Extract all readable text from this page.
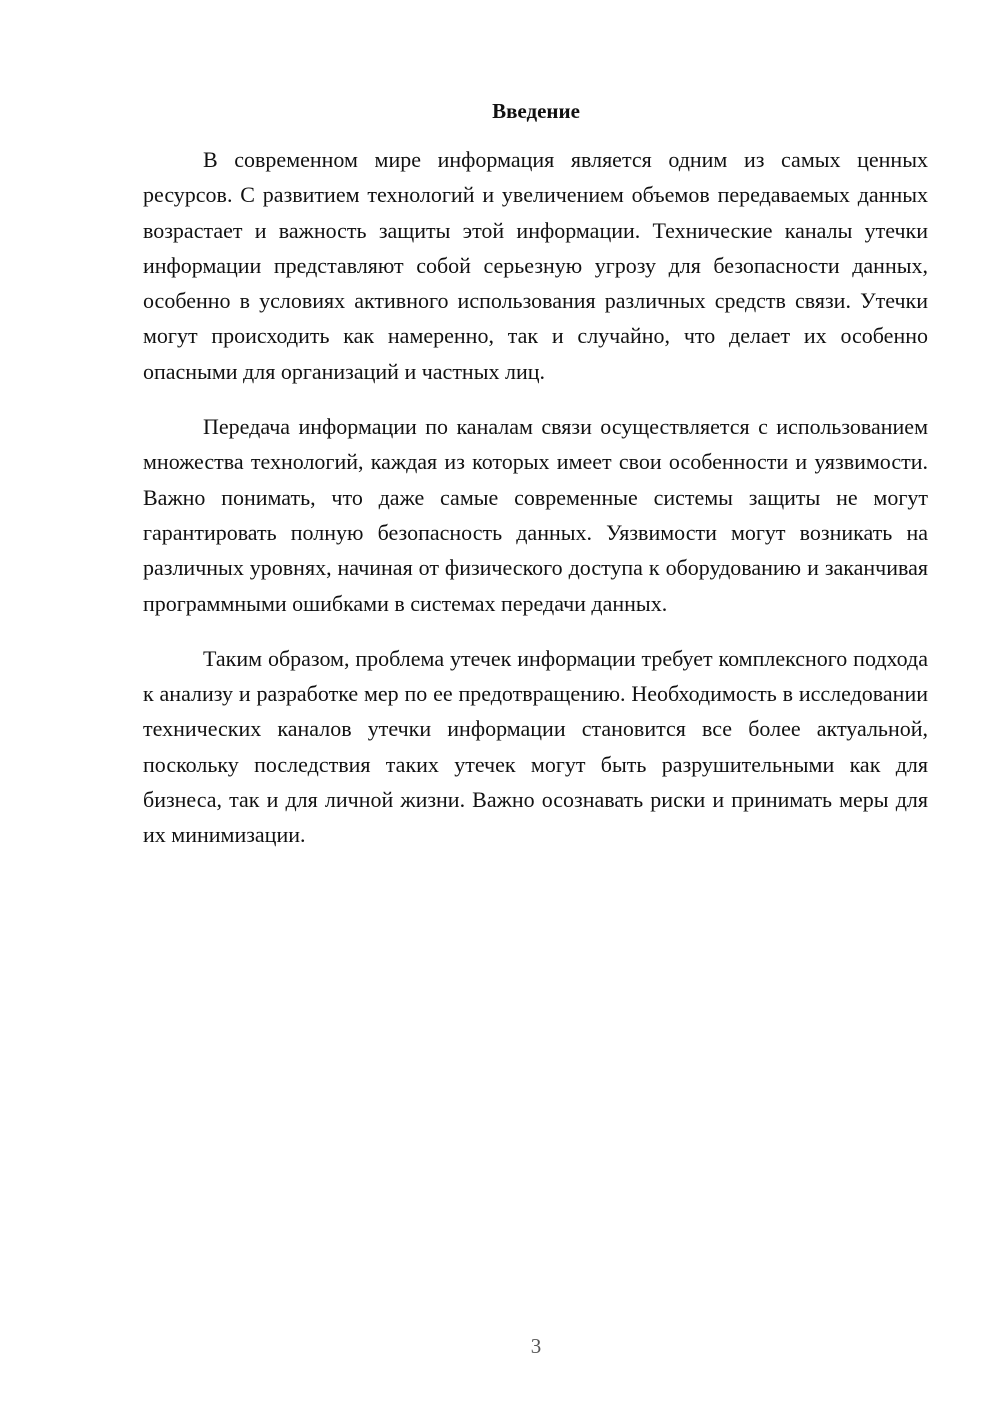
Введение

В современном мире информация является одним из самых ценных ресурсов. С развитием технологий и увеличением объемов передаваемых данных возрастает и важность защиты этой информации. Технические каналы утечки информации представляют собой серьезную угрозу для безопасности данных, особенно в условиях активного использования различных средств связи. Утечки могут происходить как намеренно, так и случайно, что делает их особенно опасными для организаций и частных лиц.

Передача информации по каналам связи осуществляется с использованием множества технологий, каждая из которых имеет свои особенности и уязвимости. Важно понимать, что даже самые современные системы защиты не могут гарантировать полную безопасность данных. Уязвимости могут возникать на различных уровнях, начиная от физического доступа к оборудованию и заканчивая программными ошибками в системах передачи данных.

Таким образом, проблема утечек информации требует комплексного подхода к анализу и разработке мер по ее предотвращению. Необходимость в исследовании технических каналов утечки информации становится все более актуальной, поскольку последствия таких утечек могут быть разрушительными как для бизнеса, так и для личной жизни. Важно осознавать риски и принимать меры для их минимизации.

3
